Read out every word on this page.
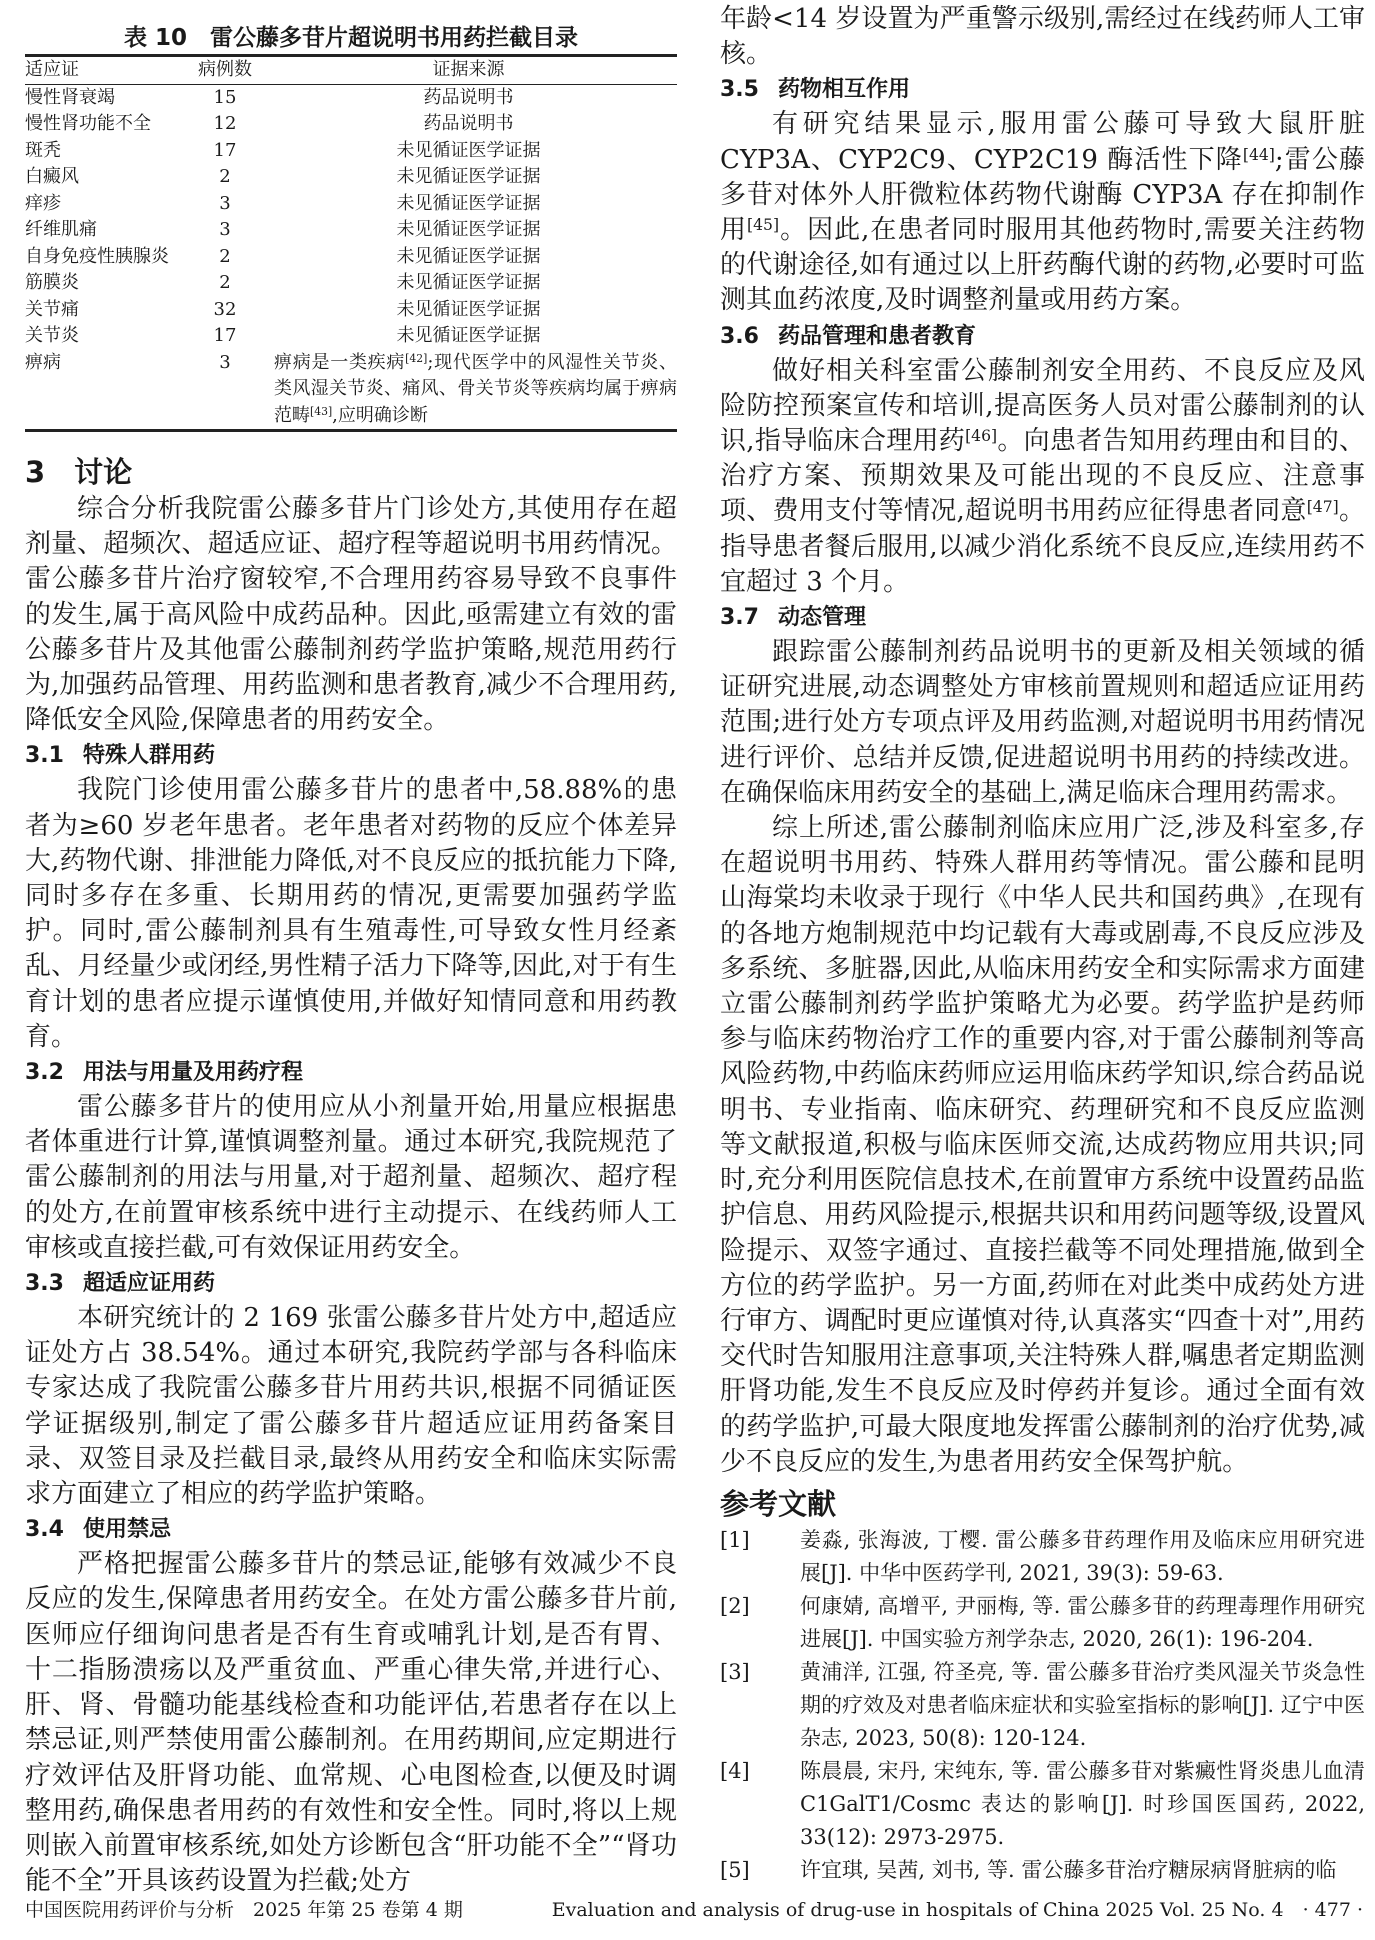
表 10　雷公藤多苷片超说明书用药拦截目录
适应证	病例数	证据来源
慢性肾衰竭	15	药品说明书
慢性肾功能不全	12	药品说明书
斑秃	17	未见循证医学证据
白癜风	2	未见循证医学证据
痒疹	3	未见循证医学证据
纤维肌痛	3	未见循证医学证据
自身免疫性胰腺炎	2	未见循证医学证据
筋膜炎	2	未见循证医学证据
关节痛	32	未见循证医学证据
关节炎	17	未见循证医学证据
痹病	3	痹病是一类疾病[42];现代医学中的风湿性关节炎、类风湿关节炎、痛风、骨关节炎等疾病均属于痹病范畴[43],应明确诊断
3　讨论

综合分析我院雷公藤多苷片门诊处方,其使用存在超剂量、超频次、超适应证、超疗程等超说明书用药情况。雷公藤多苷片治疗窗较窄,不合理用药容易导致不良事件的发生,属于高风险中成药品种。因此,亟需建立有效的雷公藤多苷片及其他雷公藤制剂药学监护策略,规范用药行为,加强药品管理、用药监测和患者教育,减少不合理用药,降低安全风险,保障患者的用药安全。

3.1 特殊人群用药

我院门诊使用雷公藤多苷片的患者中,58.88%的患者为≥60 岁老年患者。老年患者对药物的反应个体差异大,药物代谢、排泄能力降低,对不良反应的抵抗能力下降,同时多存在多重、长期用药的情况,更需要加强药学监护。同时,雷公藤制剂具有生殖毒性,可导致女性月经紊乱、月经量少或闭经,男性精子活力下降等,因此,对于有生育计划的患者应提示谨慎使用,并做好知情同意和用药教育。

3.2 用法与用量及用药疗程

雷公藤多苷片的使用应从小剂量开始,用量应根据患者体重进行计算,谨慎调整剂量。通过本研究,我院规范了雷公藤制剂的用法与用量,对于超剂量、超频次、超疗程的处方,在前置审核系统中进行主动提示、在线药师人工审核或直接拦截,可有效保证用药安全。

3.3 超适应证用药

本研究统计的 2 169 张雷公藤多苷片处方中,超适应证处方占 38.54%。通过本研究,我院药学部与各科临床专家达成了我院雷公藤多苷片用药共识,根据不同循证医学证据级别,制定了雷公藤多苷片超适应证用药备案目录、双签目录及拦截目录,最终从用药安全和临床实际需求方面建立了相应的药学监护策略。

3.4 使用禁忌

严格把握雷公藤多苷片的禁忌证,能够有效减少不良反应的发生,保障患者用药安全。在处方雷公藤多苷片前,医师应仔细询问患者是否有生育或哺乳计划,是否有胃、十二指肠溃疡以及严重贫血、严重心律失常,并进行心、肝、肾、骨髓功能基线检查和功能评估,若患者存在以上禁忌证,则严禁使用雷公藤制剂。在用药期间,应定期进行疗效评估及肝肾功能、血常规、心电图检查,以便及时调整用药,确保患者用药的有效性和安全性。同时,将以上规则嵌入前置审核系统,如处方诊断包含“肝功能不全”“肾功能不全”开具该药设置为拦截;处方

年龄<14 岁设置为严重警示级别,需经过在线药师人工审核。

3.5 药物相互作用

有研究结果显示,服用雷公藤可导致大鼠肝脏 CYP3A、CYP2C9、CYP2C19 酶活性下降[44];雷公藤多苷对体外人肝微粒体药物代谢酶 CYP3A 存在抑制作用[45]。因此,在患者同时服用其他药物时,需要关注药物的代谢途径,如有通过以上肝药酶代谢的药物,必要时可监测其血药浓度,及时调整剂量或用药方案。

3.6 药品管理和患者教育

做好相关科室雷公藤制剂安全用药、不良反应及风险防控预案宣传和培训,提高医务人员对雷公藤制剂的认识,指导临床合理用药[46]。向患者告知用药理由和目的、治疗方案、预期效果及可能出现的不良反应、注意事项、费用支付等情况,超说明书用药应征得患者同意[47]。指导患者餐后服用,以减少消化系统不良反应,连续用药不宜超过 3 个月。

3.7 动态管理

跟踪雷公藤制剂药品说明书的更新及相关领域的循证研究进展,动态调整处方审核前置规则和超适应证用药范围;进行处方专项点评及用药监测,对超说明书用药情况进行评价、总结并反馈,促进超说明书用药的持续改进。在确保临床用药安全的基础上,满足临床合理用药需求。

综上所述,雷公藤制剂临床应用广泛,涉及科室多,存在超说明书用药、特殊人群用药等情况。雷公藤和昆明山海棠均未收录于现行《中华人民共和国药典》,在现有的各地方炮制规范中均记载有大毒或剧毒,不良反应涉及多系统、多脏器,因此,从临床用药安全和实际需求方面建立雷公藤制剂药学监护策略尤为必要。药学监护是药师参与临床药物治疗工作的重要内容,对于雷公藤制剂等高风险药物,中药临床药师应运用临床药学知识,综合药品说明书、专业指南、临床研究、药理研究和不良反应监测等文献报道,积极与临床医师交流,达成药物应用共识;同时,充分利用医院信息技术,在前置审方系统中设置药品监护信息、用药风险提示,根据共识和用药问题等级,设置风险提示、双签字通过、直接拦截等不同处理措施,做到全方位的药学监护。另一方面,药师在对此类中成药处方进行审方、调配时更应谨慎对待,认真落实“四查十对”,用药交代时告知服用注意事项,关注特殊人群,嘱患者定期监测肝肾功能,发生不良反应及时停药并复诊。通过全面有效的药学监护,可最大限度地发挥雷公藤制剂的治疗优势,减少不良反应的发生,为患者用药安全保驾护航。

参考文献
[1]	姜淼, 张海波, 丁樱. 雷公藤多苷药理作用及临床应用研究进展[J]. 中华中医药学刊, 2021, 39(3): 59-63.
[2]	何康婧, 高增平, 尹丽梅, 等. 雷公藤多苷的药理毒理作用研究进展[J]. 中国实验方剂学杂志, 2020, 26(1): 196-204.
[3]	黄浦洋, 江强, 符圣亮, 等. 雷公藤多苷治疗类风湿关节炎急性期的疗效及对患者临床症状和实验室指标的影响[J]. 辽宁中医杂志, 2023, 50(8): 120-124.
[4]	陈晨晨, 宋丹, 宋纯东, 等. 雷公藤多苷对紫癜性肾炎患儿血清 C1GalT1/Cosmc 表达的影响[J]. 时珍国医国药, 2022, 33(12): 2973-2975.
[5]	许宜琪, 吴茜, 刘书, 等. 雷公藤多苷治疗糖尿病肾脏病的临
中国医院用药评价与分析　2025 年第 25 卷第 4 期	Evaluation and analysis of drug-use in hospitals of China 2025 Vol. 25 No. 4　· 477 ·
